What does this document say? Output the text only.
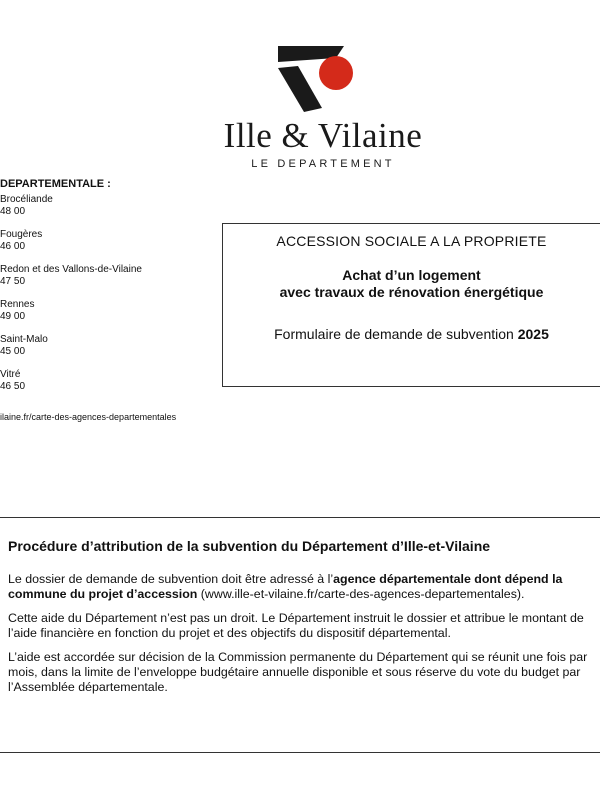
Ille & Vilaine
LE DEPARTEMENT
DEPARTEMENTALE :
Brocéliande
48 00
Fougères
46 00
Redon et des Vallons-de-Vilaine
47 50
Rennes
49 00
Saint-Malo
45 00
Vitré
46 50
ilaine.fr/carte-des-agences-departementales
ACCESSION SOCIALE A LA PROPRIETE
Achat d’un logement
avec travaux de rénovation énergétique
Formulaire de demande de subvention 2025
Procédure d’attribution de la subvention du Département d’Ille-et-Vilaine

Le dossier de demande de subvention doit être adressé à l’agence départementale dont dépend la commune du projet d’accession (www.ille-et-vilaine.fr/carte-des-agences-departementales).

Cette aide du Département n’est pas un droit. Le Département instruit le dossier et attribue le montant de l’aide financière en fonction du projet et des objectifs du dispositif départemental.

L’aide est accordée sur décision de la Commission permanente du Département qui se réunit une fois par mois, dans la limite de l’enveloppe budgétaire annuelle disponible et sous réserve du vote du budget par l’Assemblée départementale.
